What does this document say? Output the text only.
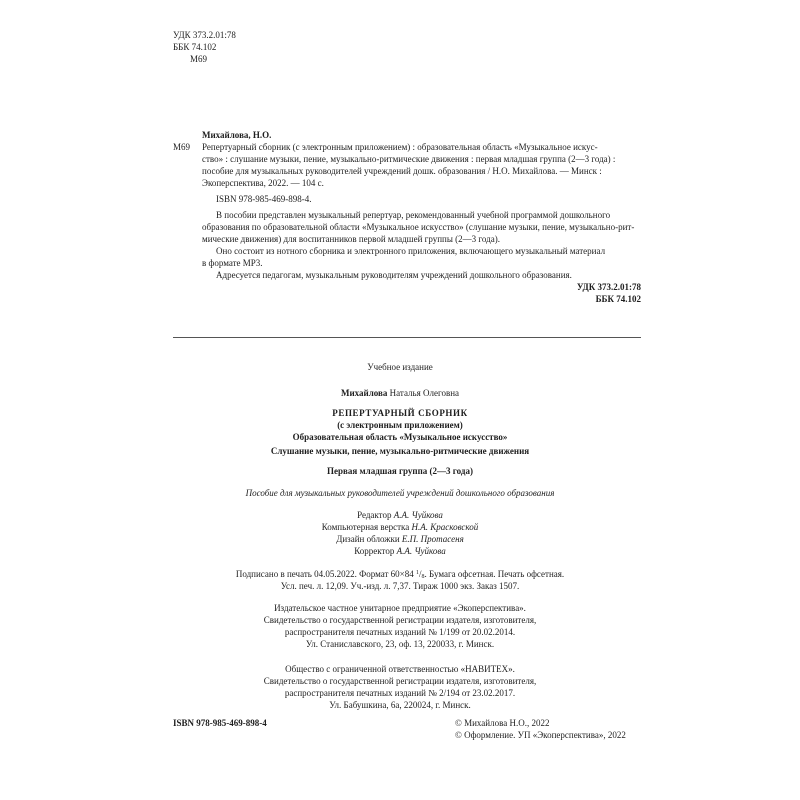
УДК 373.2.01:78
ББК 74.102
М69
Михайлова, Н.О.
М69 Репертуарный сборник (с электронным приложением) : образовательная область «Музыкальное искус-
ство» : слушание музыки, пение, музыкально-ритмические движения : первая младшая группа (2—3 года) :
пособие для музыкальных руководителей учреждений дошк. образования / Н.О. Михайлова. — Минск :
Экоперспектива, 2022. — 104 с.
ISBN 978-985-469-898-4.
В пособии представлен музыкальный репертуар, рекомендованный учебной программой дошкольного
образования по образовательной области «Музыкальное искусство» (слушание музыки, пение, музыкально-рит-
мические движения) для воспитанников первой младшей группы (2—3 года).
Оно состоит из нотного сборника и электронного приложения, включающего музыкальный материал
в формате МР3.
Адресуется педагогам, музыкальным руководителям учреждений дошкольного образования.
УДК 373.2.01:78
ББК 74.102
Учебное издание
Михайлова Наталья Олеговна
РЕПЕРТУАРНЫЙ СБОРНИК
(с электронным приложением)
Образовательная область «Музыкальное искусство»
Слушание музыки, пение, музыкально-ритмические движения
Первая младшая группа (2—3 года)
Пособие для музыкальных руководителей учреждений дошкольного образования
Редактор А.А. Чуйкова
Компьютерная верстка Н.А. Красковской
Дизайн обложки Е.П. Протасеня
Корректор А.А. Чуйкова
Подписано в печать 04.05.2022. Формат 60×84 $^1/_8$. Бумага офсетная. Печать офсетная.
Усл. печ. л. 12,09. Уч.-изд. л. 7,37. Тираж 1000 экз. Заказ 1507.
Издательское частное унитарное предприятие «Экоперспектива».
Свидетельство о государственной регистрации издателя, изготовителя,
распространителя печатных изданий № 1/199 от 20.02.2014.
Ул. Станиславского, 23, оф. 13, 220033, г. Минск.
Общество с ограниченной ответственностью «НАВИТЕХ».
Свидетельство о государственной регистрации издателя, изготовителя,
распространителя печатных изданий № 2/194 от 23.02.2017.
Ул. Бабушкина, 6а, 220024, г. Минск.
ISBN 978-985-469-898-4	© Михайлова Н.О., 2022
© Оформление. УП «Экоперспектива», 2022
